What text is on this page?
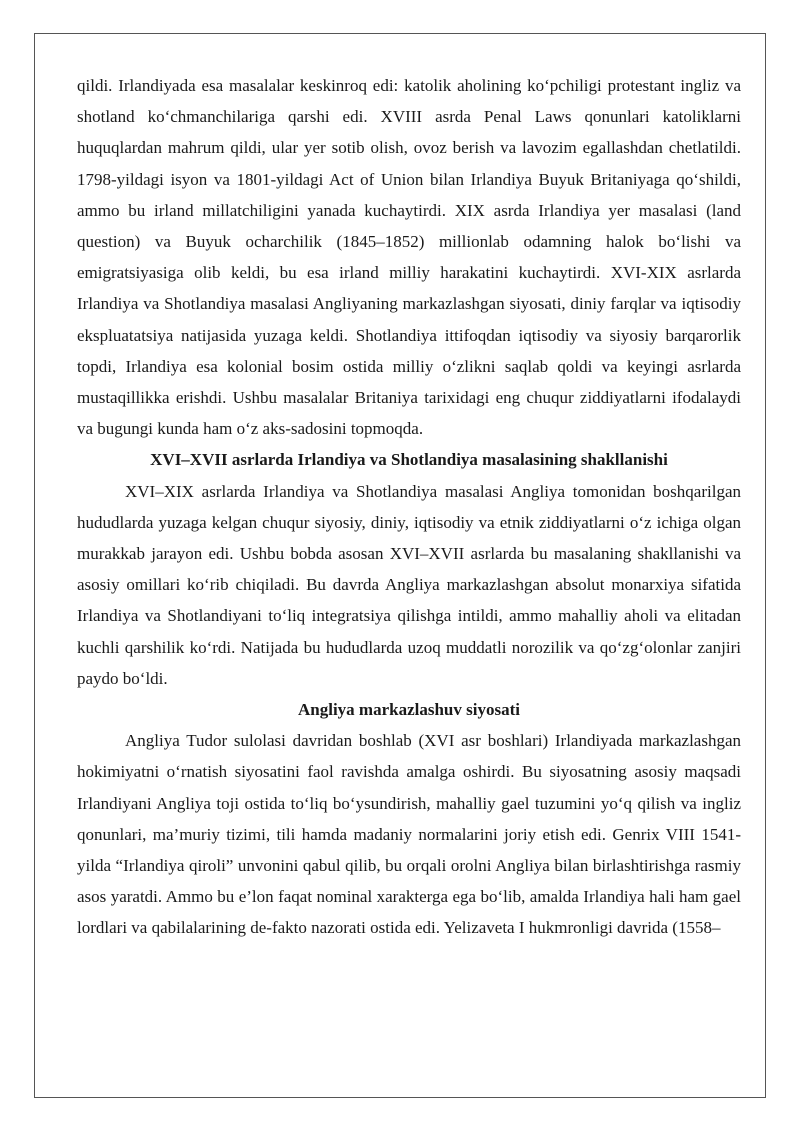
qildi. Irlandiyada esa masalalar keskinroq edi: katolik aholining ko‘pchiligi protestant ingliz va shotland ko‘chmanchilariga qarshi edi. XVIII asrda Penal Laws qonunlari katoliklarni huquqlardan mahrum qildi, ular yer sotib olish, ovoz berish va lavozim egallashdan chetlatildi. 1798-yildagi isyon va 1801-yildagi Act of Union bilan Irlandiya Buyuk Britaniyaga qo‘shildi, ammo bu irland millatchiligini yanada kuchaytirdi. XIX asrda Irlandiya yer masalasi (land question) va Buyuk ocharchilik (1845–1852) millionlab odamning halok bo‘lishi va emigratsiyasiga olib keldi, bu esa irland milliy harakatini kuchaytirdi. XVI-XIX asrlarda Irlandiya va Shotlandiya masalasi Angliyaning markazlashgan siyosati, diniy farqlar va iqtisodiy ekspluatatsiya natijasida yuzaga keldi. Shotlandiya ittifoqdan iqtisodiy va siyosiy barqarorlik topdi, Irlandiya esa kolonial bosim ostida milliy o‘zlikni saqlab qoldi va keyingi asrlarda mustaqillikka erishdi. Ushbu masalalar Britaniya tarixidagi eng chuqur ziddiyatlarni ifodalaydi va bugungi kunda ham o‘z aks-sadosini topmoqda.

XVI–XVII asrlarda Irlandiya va Shotlandiya masalasining shakllanishi

XVI–XIX asrlarda Irlandiya va Shotlandiya masalasi Angliya tomonidan boshqarilgan hududlarda yuzaga kelgan chuqur siyosiy, diniy, iqtisodiy va etnik ziddiyatlarni o‘z ichiga olgan murakkab jarayon edi. Ushbu bobda asosan XVI–XVII asrlarda bu masalaning shakllanishi va asosiy omillari ko‘rib chiqiladi. Bu davrda Angliya markazlashgan absolut monarxiya sifatida Irlandiya va Shotlandiyani to‘liq integratsiya qilishga intildi, ammo mahalliy aholi va elitadan kuchli qarshilik ko‘rdi. Natijada bu hududlarda uzoq muddatli norozilik va qo‘zg‘olonlar zanjiri paydo bo‘ldi.

Angliya markazlashuv siyosati

Angliya Tudor sulolasi davridan boshlab (XVI asr boshlari) Irlandiyada markazlashgan hokimiyatni o‘rnatish siyosatini faol ravishda amalga oshirdi. Bu siyosatning asosiy maqsadi Irlandiyani Angliya toji ostida to‘liq bo‘ysundirish, mahalliy gael tuzumini yo‘q qilish va ingliz qonunlari, ma’muriy tizimi, tili hamda madaniy normalarini joriy etish edi. Genrix VIII 1541-yilda “Irlandiya qiroli” unvonini qabul qilib, bu orqali orolni Angliya bilan birlashtirishga rasmiy asos yaratdi. Ammo bu e’lon faqat nominal xarakterga ega bo‘lib, amalda Irlandiya hali ham gael lordlari va qabilalarining de-fakto nazorati ostida edi. Yelizaveta I hukmronligi davrida (1558–
